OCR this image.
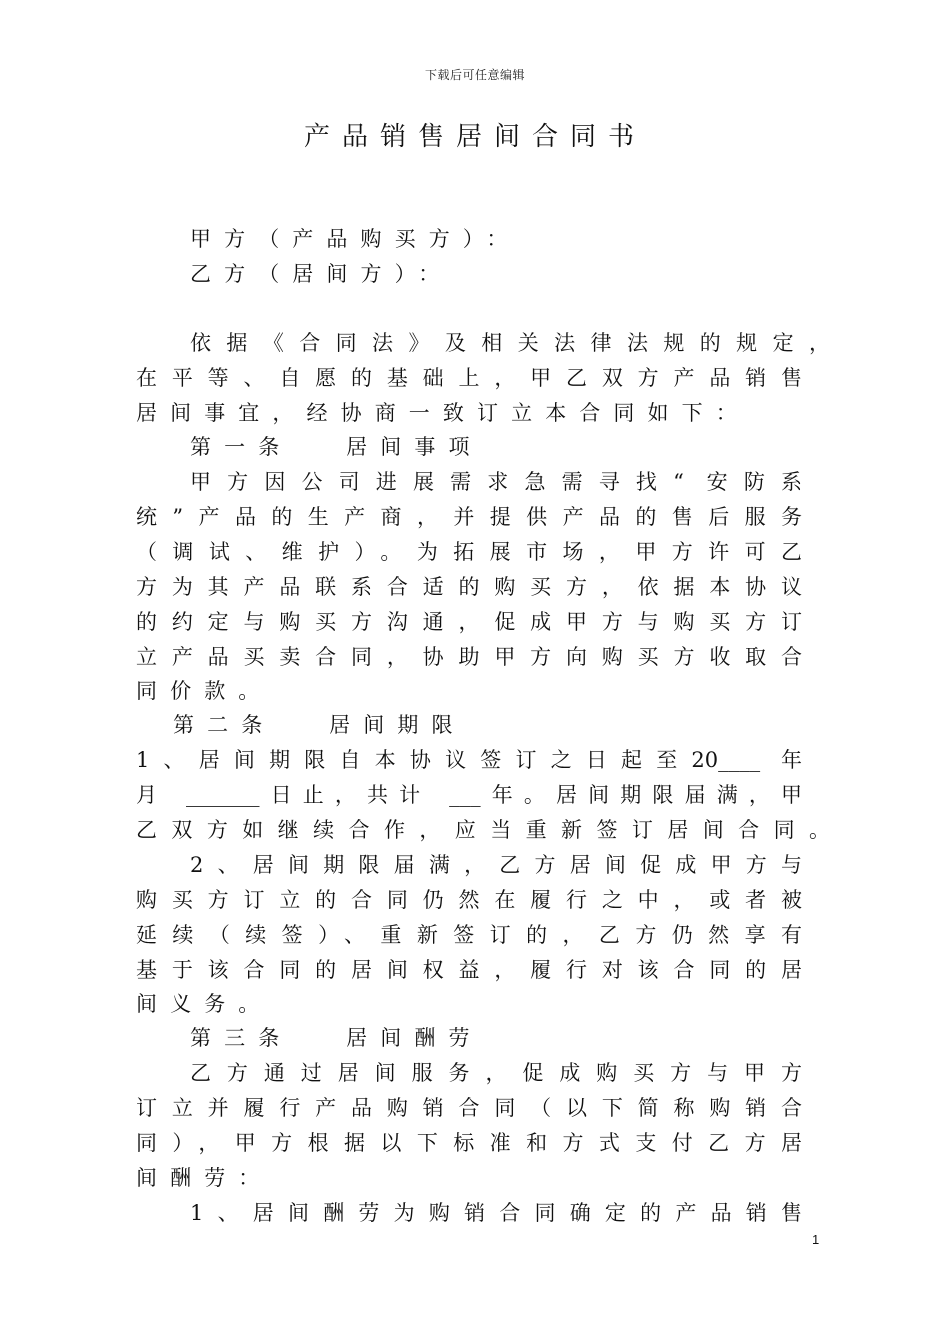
下载后可任意编辑
产品销售居间合同书
甲方（产品购买方）：
乙方（居间方）：
依据《合同法》及相关法律法规的规定，
在平等、自愿的基础上，甲乙双方产品销售
居间事宜，经协商一致订立本合同如下：
第一条　 居间事项
甲方因公司进展需求急需寻找“ 安防系
统”产品的生产商，并提供产品的售后服务
（调试、维护）。为拓展市场，甲方许可乙
方为其产品联系合适的购买方，依据本协议
的约定与购买方沟通，促成甲方与购买方订
立产品买卖合同，协助甲方向购买方收取合
同价款。
第二条　 居间期限
1、居间期限自本协议签订之日起至20____ 年
月 _______日止，共计 ___年。居间期限届满，甲
乙双方如继续合作，应当重新签订居间合同。
2、居间期限届满，乙方居间促成甲方与
购买方订立的合同仍然在履行之中，或者被
延续（续签）、重新签订的，乙方仍然享有
基于该合同的居间权益，履行对该合同的居
间义务。
第三条　 居间酬劳
乙方通过居间服务，促成购买方与甲方
订立并履行产品购销合同（以下简称购销合
同），甲方根据以下标准和方式支付乙方居
间酬劳：
1、居间酬劳为购销合同确定的产品销售
1
